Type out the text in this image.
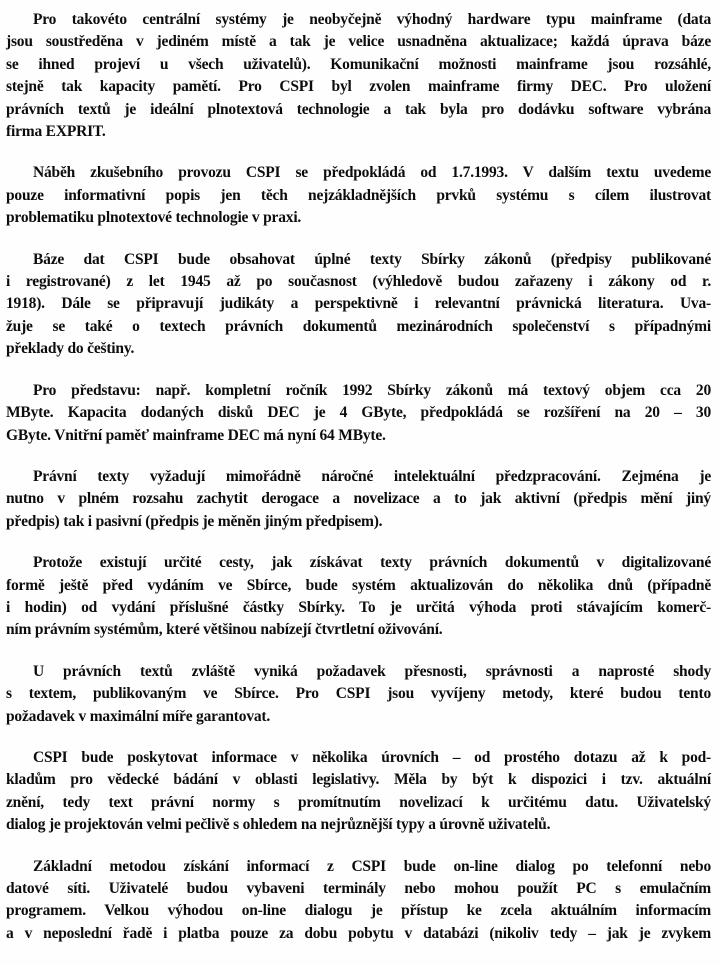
Pro takovéto centrální systémy je neobyčejně výhodný hardware typu mainframe (data
jsou soustředěna v jediném místě a tak je velice usnadněna aktualizace; každá úprava báze
se ihned projeví u všech uživatelů). Komunikační možnosti mainframe jsou rozsáhlé,
stejně tak kapacity pamětí. Pro CSPI byl zvolen mainframe firmy DEC. Pro uložení
právních textů je ideální plnotextová technologie a tak byla pro dodávku software vybrána
firma EXPRIT.
Náběh zkušebního provozu CSPI se předpokládá od 1.7.1993. V dalším textu uvedeme
pouze informativní popis jen těch nejzákladnějších prvků systému s cílem ilustrovat
problematiku plnotextové technologie v praxi.
Báze dat CSPI bude obsahovat úplné texty Sbírky zákonů (předpisy publikované
i registrované) z let 1945 až po současnost (výhledově budou zařazeny i zákony od r.
1918). Dále se připravují judikáty a perspektivně i relevantní právnická literatura. Uva-
žuje se také o textech právních dokumentů mezinárodních společenství s případnými
překlady do češtiny.
Pro představu: např. kompletní ročník 1992 Sbírky zákonů má textový objem cca 20
MByte. Kapacita dodaných disků DEC je 4 GByte, předpokládá se rozšíření na 20 – 30
GByte. Vnitřní paměť mainframe DEC má nyní 64 MByte.
Právní texty vyžadují mimořádně náročné intelektuální předzpracování. Zejména je
nutno v plném rozsahu zachytit derogace a novelizace a to jak aktivní (předpis mění jiný
předpis) tak i pasivní (předpis je měněn jiným předpisem).
Protože existují určité cesty, jak získávat texty právních dokumentů v digitalizované
formě ještě před vydáním ve Sbírce, bude systém aktualizován do několika dnů (případně
i hodin) od vydání příslušné částky Sbírky. To je určitá výhoda proti stávajícím komerč-
ním právním systémům, které většinou nabízejí čtvrtletní oživování.
U právních textů zvláště vyniká požadavek přesnosti, správnosti a naprosté shody
s textem, publikovaným ve Sbírce. Pro CSPI jsou vyvíjeny metody, které budou tento
požadavek v maximální míře garantovat.
CSPI bude poskytovat informace v několika úrovních – od prostého dotazu až k pod-
kladům pro vědecké bádání v oblasti legislativy. Měla by být k dispozici i tzv. aktuální
znění, tedy text právní normy s promítnutím novelizací k určitému datu. Uživatelský
dialog je projektován velmi pečlivě s ohledem na nejrůznější typy a úrovně uživatelů.
Základní metodou získání informací z CSPI bude on-line dialog po telefonní nebo
datové síti. Uživatelé budou vybaveni terminály nebo mohou použít PC s emulačním
programem. Velkou výhodou on-line dialogu je přístup ke zcela aktuálním informacím
a v neposlední řadě i platba pouze za dobu pobytu v databázi (nikoliv tedy – jak je zvykem
